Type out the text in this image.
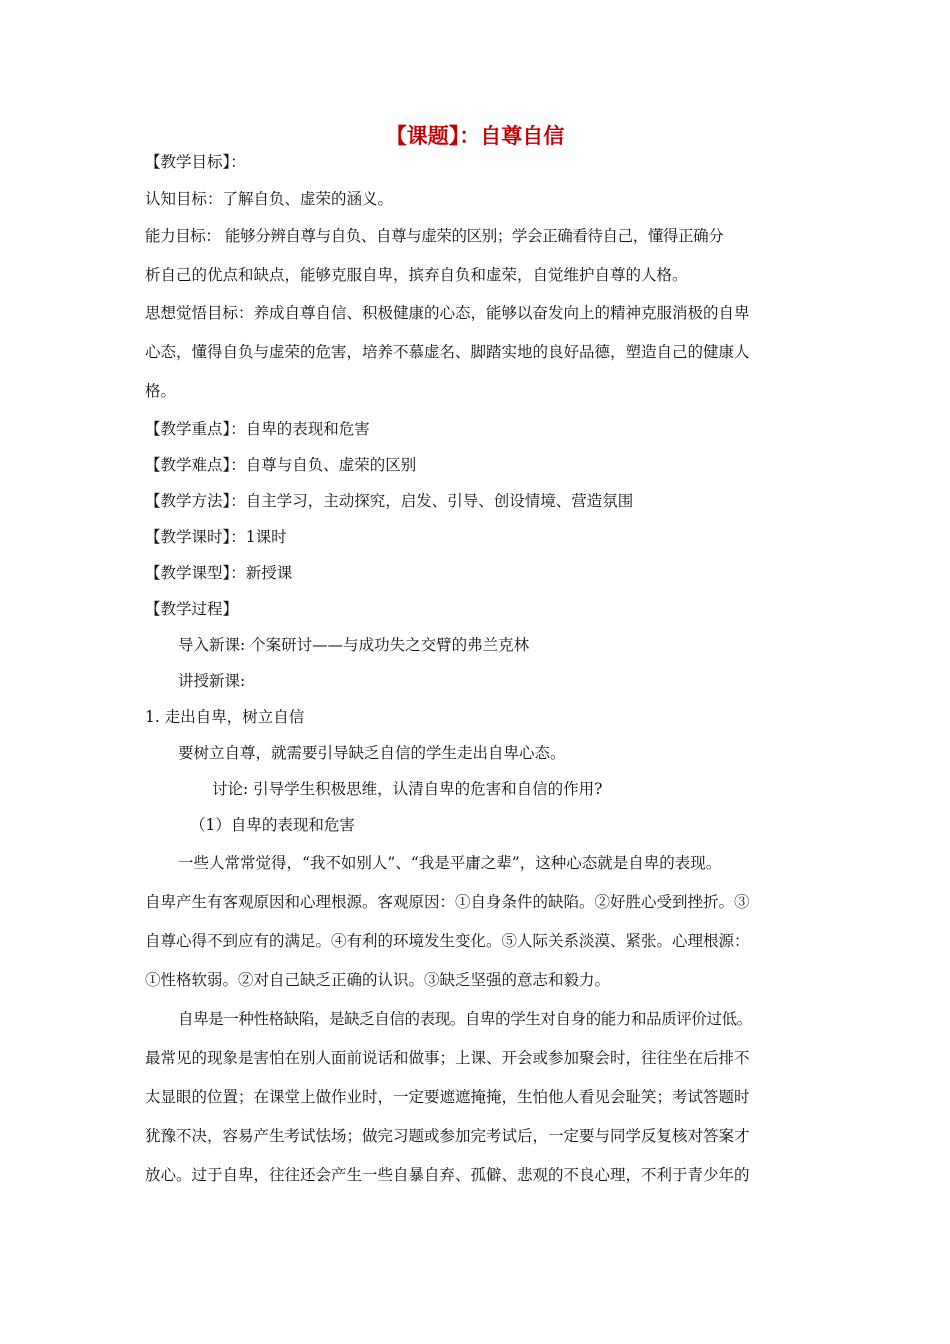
【课题】：自尊自信
【教学目标】：
认知目标：了解自负、虚荣的涵义。
能力目标： 能够分辨自尊与自负、自尊与虚荣的区别；学会正确看待自己，懂得正确分
析自己的优点和缺点，能够克服自卑，摈弃自负和虚荣，自觉维护自尊的人格。
思想觉悟目标：养成自尊自信、积极健康的心态，能够以奋发向上的精神克服消极的自卑
心态，懂得自负与虚荣的危害，培养不慕虚名、脚踏实地的良好品德，塑造自己的健康人
格。
【教学重点】：自卑的表现和危害
【教学难点】：自尊与自负、虚荣的区别
【教学方法】：自主学习，主动探究，启发、引导、创设情境、营造氛围
【教学课时】：1课时
【教学课型】：新授课
【教学过程】
导入新课: 个案研讨——与成功失之交臂的弗兰克林
讲授新课:
1. 走出自卑，树立自信
要树立自尊，就需要引导缺乏自信的学生走出自卑心态。
讨论: 引导学生积极思维，认清自卑的危害和自信的作用?
（1）自卑的表现和危害
一些人常常觉得，“我不如别人”、“我是平庸之辈”，这种心态就是自卑的表现。
自卑产生有客观原因和心理根源。客观原因：①自身条件的缺陷。②好胜心受到挫折。③
自尊心得不到应有的满足。④有利的环境发生变化。⑤人际关系淡漠、紧张。心理根源：
①性格软弱。②对自己缺乏正确的认识。③缺乏坚强的意志和毅力。
自卑是一种性格缺陷，是缺乏自信的表现。自卑的学生对自身的能力和品质评价过低。
最常见的现象是害怕在别人面前说话和做事；上课、开会或参加聚会时，往往坐在后排不
太显眼的位置；在课堂上做作业时，一定要遮遮掩掩，生怕他人看见会耻笑；考试答题时
犹豫不决，容易产生考试怯场；做完习题或参加完考试后，一定要与同学反复核对答案才
放心。过于自卑，往往还会产生一些自暴自弃、孤僻、悲观的不良心理，不利于青少年的
